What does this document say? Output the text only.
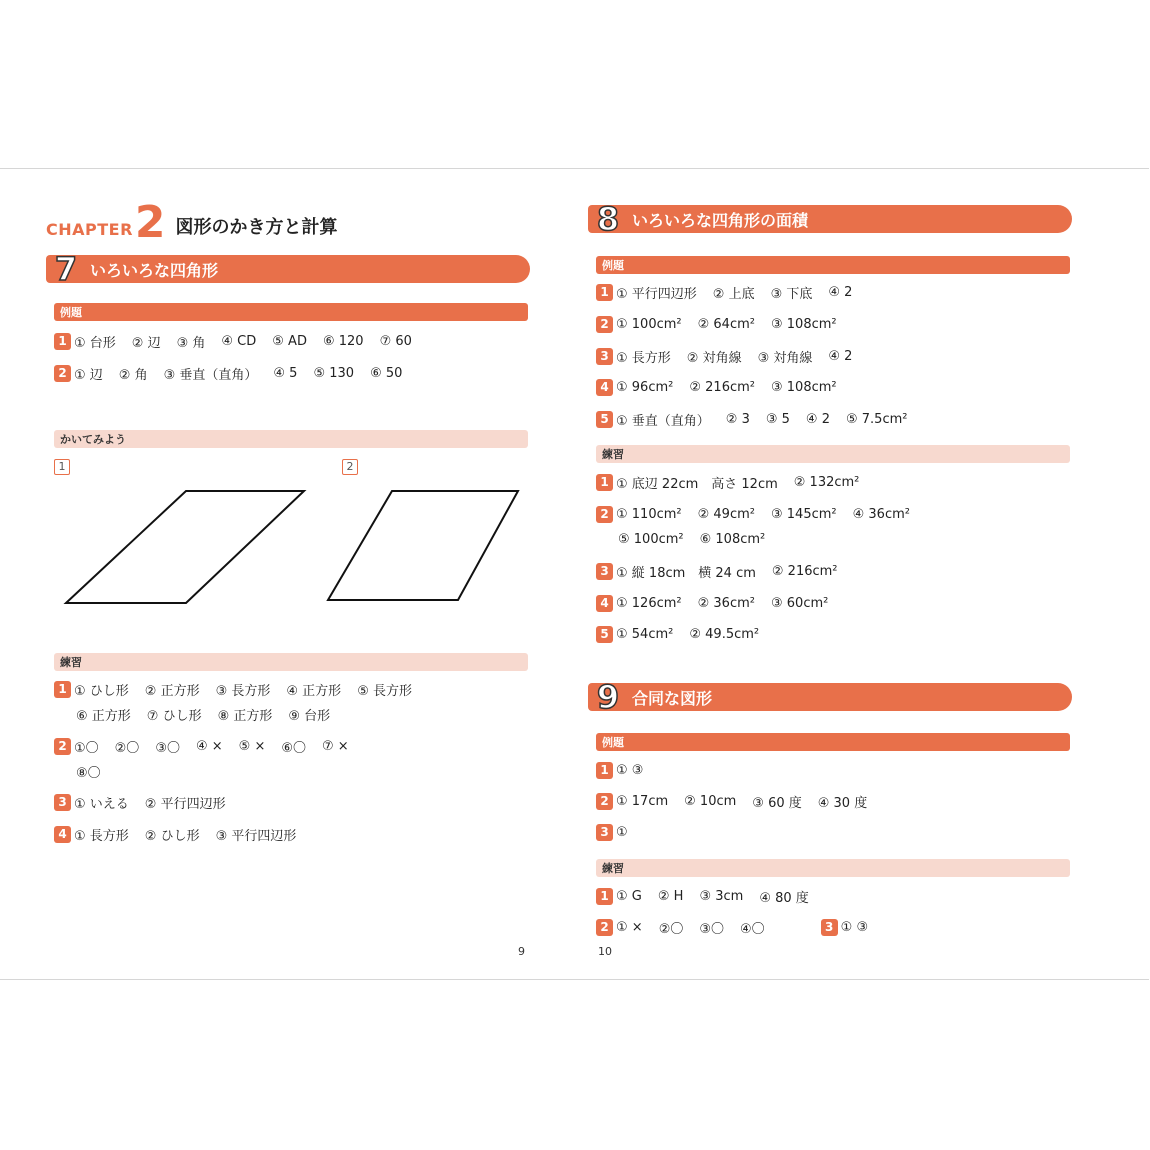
CHAPTER 2 図形のかき方と計算
7 いろいろな四角形
例題
1 ① 台形 ② 辺 ③ 角 ④ CD ⑤ AD ⑥ 120 ⑦ 60
2 ① 辺 ② 角 ③ 垂直（直角） ④ 5 ⑤ 130 ⑥ 50
かいてみよう
1	2
練習
1 ① ひし形 ② 正方形 ③ 長方形 ④ 正方形 ⑤ 長方形
⑥ 正方形 ⑦ ひし形 ⑧ 正方形 ⑨ 台形
2 ①〇 ②〇 ③〇 ④ × ⑤ × ⑥〇 ⑦ ×
⑧〇
3 ① いえる ② 平行四辺形
4 ① 長方形 ② ひし形 ③ 平行四辺形
9
8 いろいろな四角形の面積
例題
1 ① 平行四辺形 ② 上底 ③ 下底 ④ 2
2 ① 100cm² ② 64cm² ③ 108cm²
3 ① 長方形 ② 対角線 ③ 対角線 ④ 2
4 ① 96cm² ② 216cm² ③ 108cm²
5 ① 垂直（直角） ② 3 ③ 5 ④ 2 ⑤ 7.5cm²
練習
1 ① 底辺 22cm　高さ 12cm ② 132cm²
2 ① 110cm² ② 49cm² ③ 145cm² ④ 36cm²
⑤ 100cm² ⑥ 108cm²
3 ① 縦 18cm　横 24 cm ② 216cm²
4 ① 126cm² ② 36cm² ③ 60cm²
5 ① 54cm² ② 49.5cm²
9 合同な図形
例題
1 ① ③
2 ① 17cm ② 10cm ③ 60 度 ④ 30 度
3 ①
練習
1 ① G ② H ③ 3cm ④ 80 度
2 ① × ②〇 ③〇 ④〇	3 ① ③
10
